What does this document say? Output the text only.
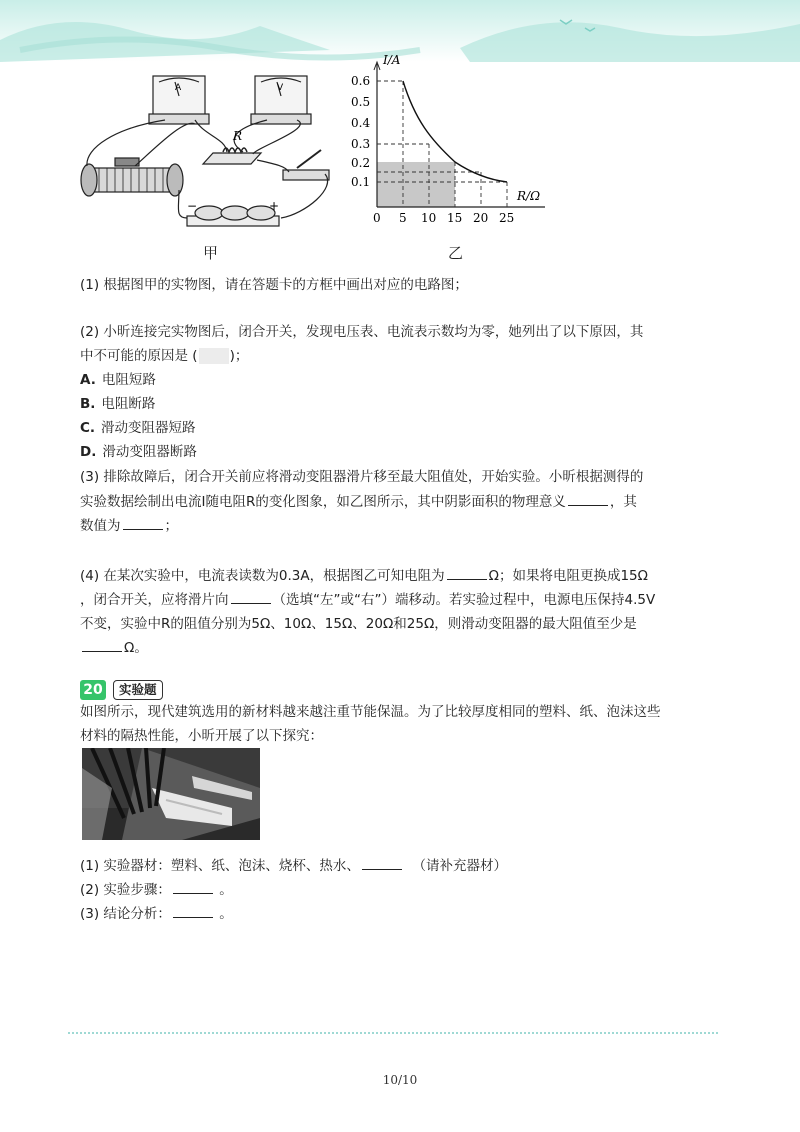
R
A	V
−	+
甲
I/A
R/Ω
0
0.6
0.5
0.4
0.3
0.2
0.1
5 10 15 20 25
乙
(1) 根据图甲的实物图，请在答题卡的方框中画出对应的电路图；
(2) 小昕连接完实物图后，闭合开关，发现电压表、电流表示数均为零，她列出了以下原因，其
中不可能的原因是 ( )；
A. 电阻短路
B. 电阻断路
C. 滑动变阻器短路
D. 滑动变阻器断路
(3) 排除故障后，闭合开关前应将滑动变阻器滑片移至最大阻值处，开始实验。小昕根据测得的
实验数据绘制出电流I随电阻R的变化图象，如乙图所示，其中阴影面积的物理意义	，其
数值为	；
(4) 在某次实验中，电流表读数为0.3A，根据图乙可知电阻为	Ω；如果将电阻更换成15Ω
，闭合开关，应将滑片向	（选填“左”或“右”）端移动。若实验过程中，电源电压保持4.5V
不变，实验中R的阻值分别为5Ω、10Ω、15Ω、20Ω和25Ω，则滑动变阻器的最大阻值至少是
Ω。
20	实验题
如图所示，现代建筑选用的新材料越来越注重节能保温。为了比较厚度相同的塑料、纸、泡沫这些
材料的隔热性能，小昕开展了以下探究：
(1) 实验器材：塑料、纸、泡沫、烧杯、热水、	（请补充器材）
(2) 实验步骤：	。
(3) 结论分析：	。
10/10
